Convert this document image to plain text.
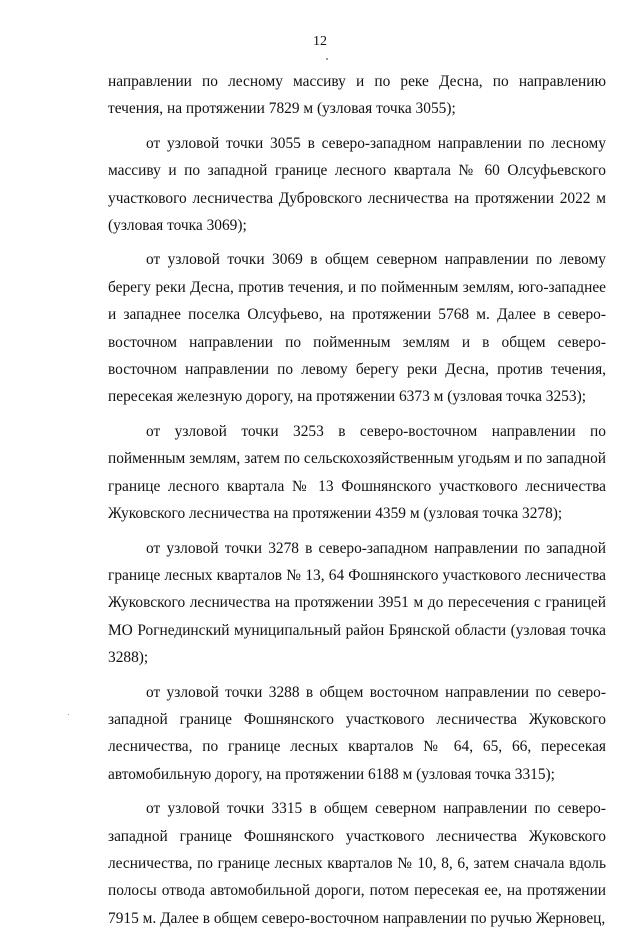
12

направлении по лесному массиву и по реке Десна, по направлению течения, на протяжении 7829 м (узловая точка 3055);

от узловой точки 3055 в северо-западном направлении по лесному массиву и по западной границе лесного квартала № 60 Олсуфьевского участкового лесничества Дубровского лесничества на протяжении 2022 м (узловая точка 3069);

от узловой точки 3069 в общем северном направлении по левому берегу реки Десна, против течения, и по пойменным землям, юго-западнее и западнее поселка Олсуфьево, на протяжении 5768 м. Далее в северо-восточном направлении по пойменным землям и в общем северо-восточном направлении по левому берегу реки Десна, против течения, пересекая железную дорогу, на протяжении 6373 м (узловая точка 3253);

от узловой точки 3253 в северо-восточном направлении по пойменным землям, затем по сельскохозяйственным угодьям и по западной границе лесного квартала № 13 Фошнянского участкового лесничества Жуковского лесничества на протяжении 4359 м (узловая точка 3278);

от узловой точки 3278 в северо-западном направлении по западной границе лесных кварталов № 13, 64 Фошнянского участкового лесничества Жуковского лесничества на протяжении 3951 м до пересечения с границей МО Рогнединский муниципальный район Брянской области (узловая точка 3288);

от узловой точки 3288 в общем восточном направлении по северо-западной границе Фошнянского участкового лесничества Жуковского лесничества, по границе лесных кварталов № 64, 65, 66, пересекая автомобильную дорогу, на протяжении 6188 м (узловая точка 3315);

от узловой точки 3315 в общем северном направлении по северо-западной границе Фошнянского участкового лесничества Жуковского лесничества, по границе лесных кварталов № 10, 8, 6, затем сначала вдоль полосы отвода автомобильной дороги, потом пересекая ее, на протяжении 7915 м. Далее в общем северо-восточном направлении по ручью Жерновец,
